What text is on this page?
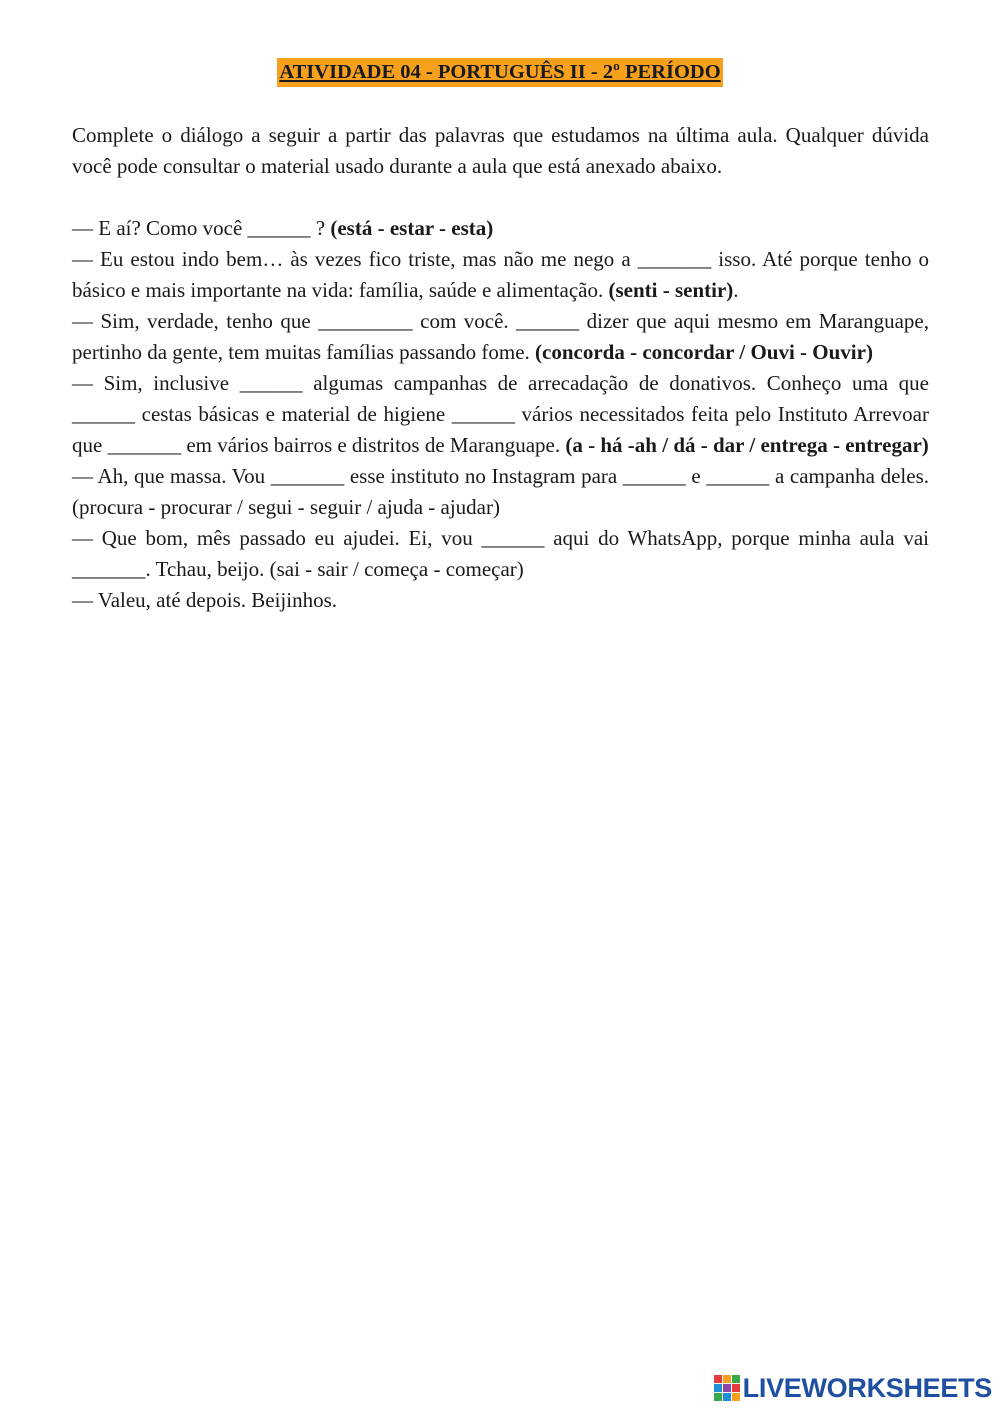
ATIVIDADE 04 - PORTUGUÊS II - 2º PERÍODO

Complete o diálogo a seguir a partir das palavras que estudamos na última aula. Qualquer dúvida você pode consultar o material usado durante a aula que está anexado abaixo.

― E aí? Como você ______ ? (está - estar - esta)

― Eu estou indo bem… às vezes fico triste, mas não me nego a _______ isso. Até porque tenho o básico e mais importante na vida: família, saúde e alimentação. (senti - sentir).

― Sim, verdade, tenho que _________ com você. ______ dizer que aqui mesmo em Maranguape, pertinho da gente, tem muitas famílias passando fome. (concorda - concordar / Ouvi - Ouvir)

― Sim, inclusive ______ algumas campanhas de arrecadação de donativos. Conheço uma que ______ cestas básicas e material de higiene ______ vários necessitados feita pelo Instituto Arrevoar que _______ em vários bairros e distritos de Maranguape. (a - há -ah / dá - dar / entrega - entregar)

― Ah, que massa. Vou _______ esse instituto no Instagram para ______ e ______ a campanha deles. (procura - procurar / segui - seguir / ajuda - ajudar)

― Que bom, mês passado eu ajudei. Ei, vou ______ aqui do WhatsApp, porque minha aula vai _______. Tchau, beijo. (sai - sair / começa - começar)

― Valeu, até depois. Beijinhos.

LIVEWORKSHEETS
